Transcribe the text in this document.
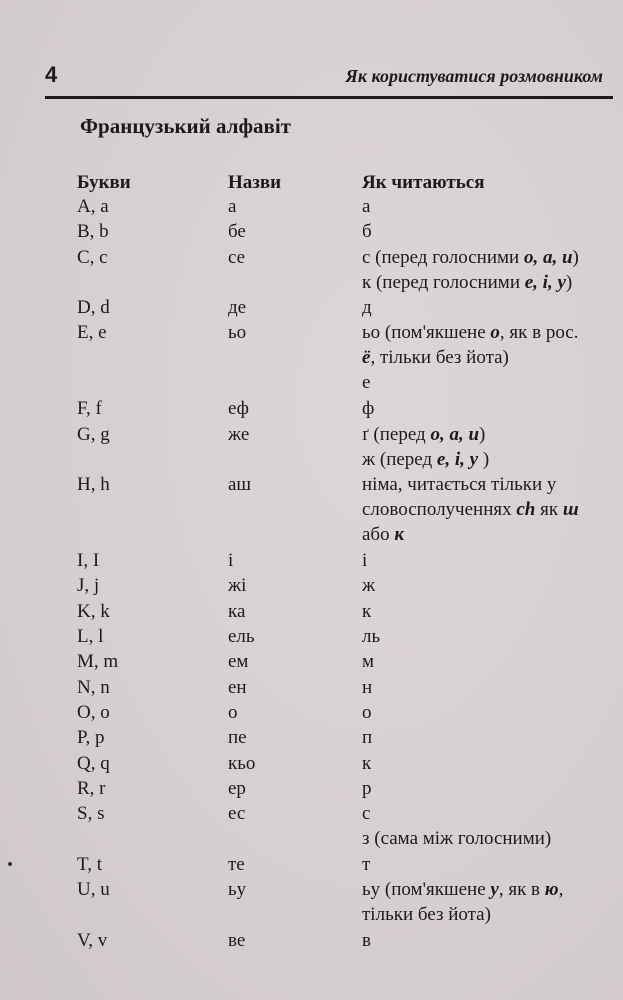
4	Як користуватися розмовником
Французький алфавіт
Букви	Назви	Як читаються
A, a	a	а
B, b	бе	б
C, c	се	с (перед голосними о, а, и)
к (перед голосними е, і, у)
D, d	де	д
E, e	ьо	ьо (пом'якшене о, як в рос.
ё, тільки без йота)
е
F, f	еф	ф
G, g	же	ґ (перед о, а, и)
ж (перед е, і, у )
H, h	аш	німа, читається тільки у
словосполученнях ch як ш
або к
I, I	і	і
J, j	жі	ж
K, k	ка	к
L, l	ель	ль
M, m	ем	м
N, n	ен	н
O, o	о	о
P, p	пе	п
Q, q	кьо	к
R, r	ер	р
S, s	ес	с
з (сама між голосними)
T, t	те	т
U, u	ьу	ьу (пом'якшене у, як в ю,
тільки без йота)
V, v	ве	в
